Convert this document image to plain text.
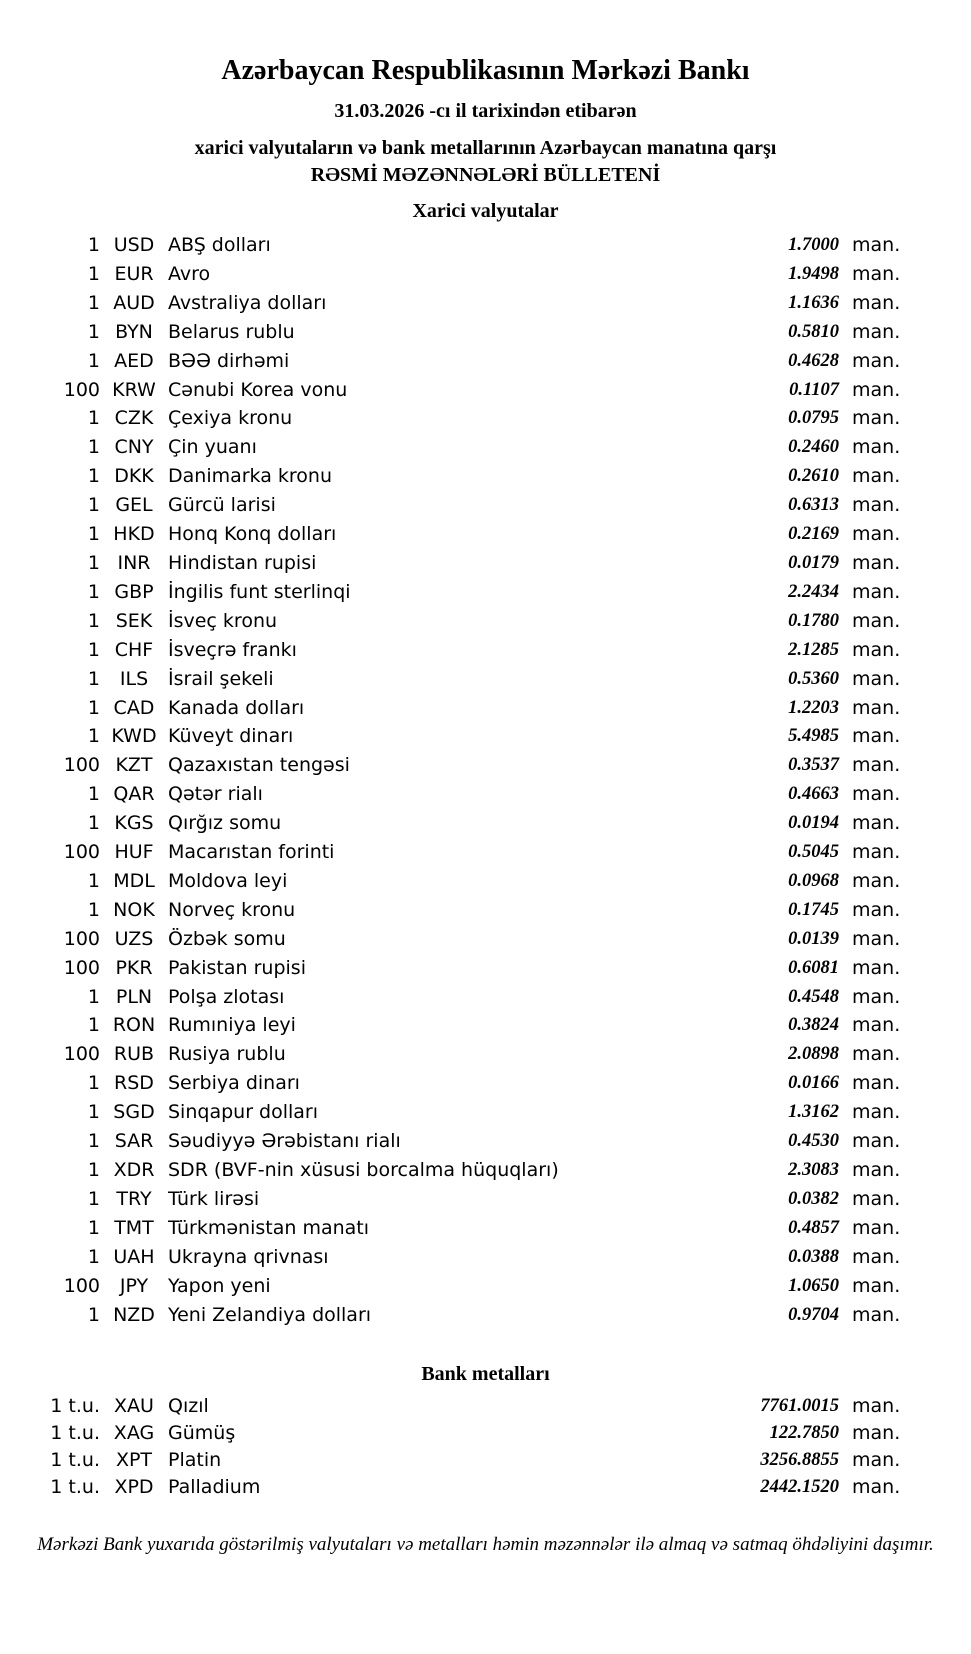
Azərbaycan Respublikasının Mərkəzi Bankı
31.03.2026 -cı il tarixindən etibarən
xarici valyutaların və bank metallarının Azərbaycan manatına qarşı
RƏSMİ MƏZƏNNƏLƏRİ BÜLLETENİ
Xarici valyutalar
1 USD ABŞ dolları	1.7000 man.
1 EUR Avro	1.9498 man.
1 AUD Avstraliya dolları	1.1636 man.
1 BYN Belarus rublu	0.5810 man.
1 AED BƏƏ dirhəmi	0.4628 man.
100 KRW Cənubi Korea vonu	0.1107 man.
1 CZK Çexiya kronu	0.0795 man.
1 CNY Çin yuanı	0.2460 man.
1 DKK Danimarka kronu	0.2610 man.
1 GEL Gürcü larisi	0.6313 man.
1 HKD Honq Konq dolları	0.2169 man.
1 INR Hindistan rupisi	0.0179 man.
1 GBP İngilis funt sterlinqi	2.2434 man.
1 SEK İsveç kronu	0.1780 man.
1 CHF İsveçrə frankı	2.1285 man.
1	ILS	İsrail şekeli	0.5360 man.
1 CAD Kanada dolları	1.2203 man.
1 KWD Küveyt dinarı	5.4985 man.
100 KZT Qazaxıstan tengəsi	0.3537 man.
1 QAR Qətər rialı	0.4663 man.
1 KGS Qırğız somu	0.0194 man.
100 HUF Macarıstan forinti	0.5045 man.
1 MDL Moldova leyi	0.0968 man.
1 NOK Norveç kronu	0.1745 man.
100 UZS Özbək somu	0.0139 man.
100 PKR Pakistan rupisi	0.6081 man.
1 PLN Polşa zlotası	0.4548 man.
1 RON Rumıniya leyi	0.3824 man.
100 RUB Rusiya rublu	2.0898 man.
1 RSD Serbiya dinarı	0.0166 man.
1 SGD Sinqapur dolları	1.3162 man.
1 SAR Səudiyyə Ərəbistanı rialı	0.4530 man.
1 XDR SDR (BVF-nin xüsusi borcalma hüquqları)	2.3083 man.
1 TRY Türk lirəsi	0.0382 man.
1 TMT Türkmənistan manatı	0.4857 man.
1 UAH Ukrayna qrivnası	0.0388 man.
100	JPY	Yapon yeni	1.0650 man.
1 NZD Yeni Zelandiya dolları	0.9704 man.
Bank metalları
1 t.u. XAU Qızıl	7761.0015 man.
1 t.u. XAG Gümüş	122.7850 man.
1 t.u. XPT Platin	3256.8855 man.
1 t.u. XPD Palladium	2442.1520 man.
Mərkəzi Bank yuxarıda göstərilmiş valyutaları və metalları həmin məzənnələr ilə almaq və satmaq öhdəliyini daşımır.
